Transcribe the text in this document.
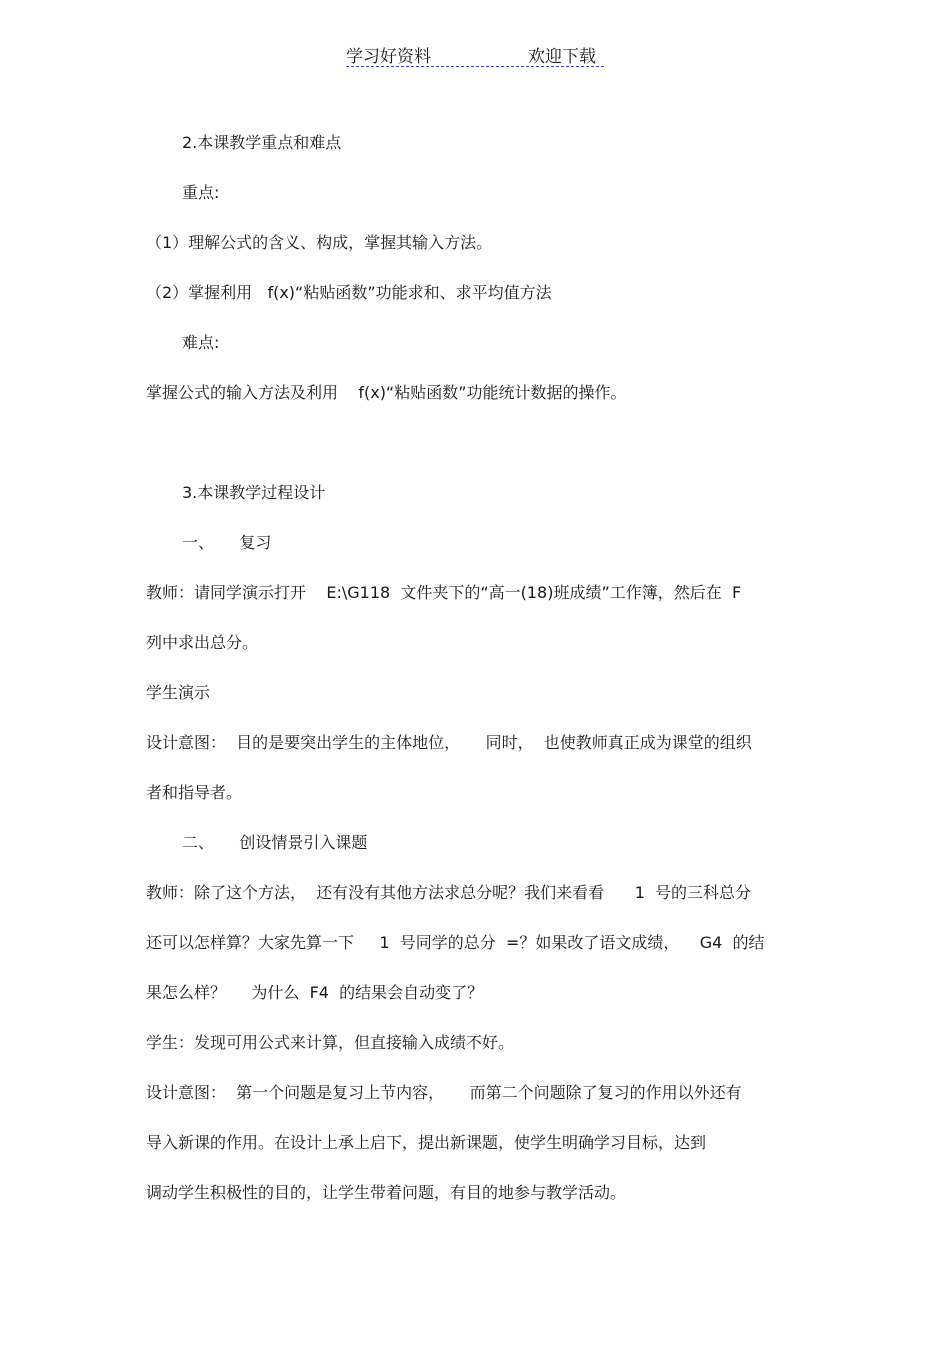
学习好资料	欢迎下载
2.本课教学重点和难点
重点:
（1）理解公式的含义、构成，掌握其输入方法。
（2）掌握利用   f(x)“粘贴函数”功能求和、求平均值方法
难点:
掌握公式的输入方法及利用    f(x)“粘贴函数”功能统计数据的操作。
3.本课教学过程设计
一、     复习
教师：请同学演示打开    E:\G118  文件夹下的“高一(18)班成绩”工作簿，然后在  F
列中求出总分。
学生演示
设计意图：  目的是要突出学生的主体地位，     同时，  也使教师真正成为课堂的组织
者和指导者。
二、     创设情景引入课题
教师：除了这个方法，  还有没有其他方法求总分呢？我们来看看      1  号的三科总分
还可以怎样算？大家先算一下     1  号同学的总分  =？如果改了语文成绩，    G4  的结
果怎么样？     为什么  F4  的结果会自动变了？
学生：发现可用公式来计算，但直接输入成绩不好。
设计意图：  第一个问题是复习上节内容，     而第二个问题除了复习的作用以外还有
导入新课的作用。在设计上承上启下，提出新课题，使学生明确学习目标，达到
调动学生积极性的目的，让学生带着问题，有目的地参与教学活动。
